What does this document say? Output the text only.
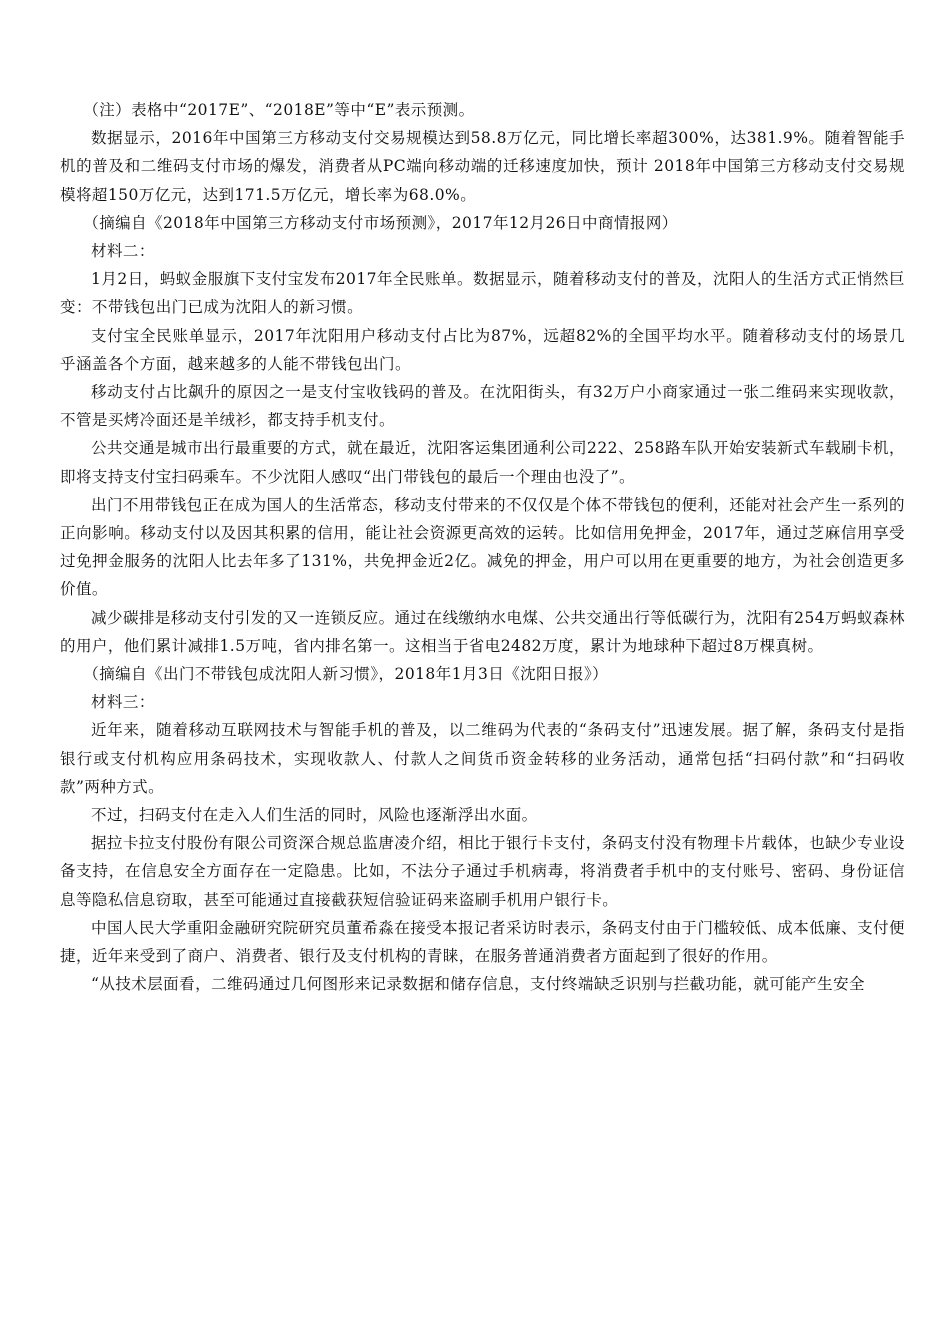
（注）表格中“2017E”、“2018E”等中“E”表示预测。

数据显示，2016年中国第三方移动支付交易规模达到58.8万亿元，同比增长率超300%，达381.9%。随着智能手机的普及和二维码支付市场的爆发，消费者从PC端向移动端的迁移速度加快，预计 2018年中国第三方移动支付交易规模将超150万亿元，达到171.5万亿元，增长率为68.0%。

（摘编自《2018年中国第三方移动支付市场预测》，2017年12月26日中商情报网）

材料二：

1月2日，蚂蚁金服旗下支付宝发布2017年全民账单。数据显示，随着移动支付的普及，沈阳人的生活方式正悄然巨变：不带钱包出门已成为沈阳人的新习惯。

支付宝全民账单显示，2017年沈阳用户移动支付占比为87%，远超82%的全国平均水平。随着移动支付的场景几乎涵盖各个方面，越来越多的人能不带钱包出门。

移动支付占比飙升的原因之一是支付宝收钱码的普及。在沈阳街头，有32万户小商家通过一张二维码来实现收款，不管是买烤冷面还是羊绒衫，都支持手机支付。

公共交通是城市出行最重要的方式，就在最近，沈阳客运集团通利公司222、258路车队开始安装新式车载刷卡机，即将支持支付宝扫码乘车。不少沈阳人感叹“出门带钱包的最后一个理由也没了”。

出门不用带钱包正在成为国人的生活常态，移动支付带来的不仅仅是个体不带钱包的便利，还能对社会产生一系列的正向影响。移动支付以及因其积累的信用，能让社会资源更高效的运转。比如信用免押金，2017年，通过芝麻信用享受过免押金服务的沈阳人比去年多了131%，共免押金近2亿。减免的押金，用户可以用在更重要的地方，为社会创造更多价值。

减少碳排是移动支付引发的又一连锁反应。通过在线缴纳水电煤、公共交通出行等低碳行为，沈阳有254万蚂蚁森林的用户，他们累计减排1.5万吨，省内排名第一。这相当于省电2482万度，累计为地球种下超过8万棵真树。

（摘编自《出门不带钱包成沈阳人新习惯》，2018年1月3日《沈阳日报》）

材料三：

近年来，随着移动互联网技术与智能手机的普及，以二维码为代表的“条码支付”迅速发展。据了解，条码支付是指银行或支付机构应用条码技术，实现收款人、付款人之间货币资金转移的业务活动，通常包括“扫码付款”和“扫码收款”两种方式。

不过，扫码支付在走入人们生活的同时，风险也逐渐浮出水面。

据拉卡拉支付股份有限公司资深合规总监唐凌介绍，相比于银行卡支付，条码支付没有物理卡片载体，也缺少专业设备支持，在信息安全方面存在一定隐患。比如，不法分子通过手机病毒，将消费者手机中的支付账号、密码、身份证信息等隐私信息窃取，甚至可能通过直接截获短信验证码来盗刷手机用户银行卡。

中国人民大学重阳金融研究院研究员董希淼在接受本报记者采访时表示，条码支付由于门槛较低、成本低廉、支付便捷，近年来受到了商户、消费者、银行及支付机构的青睐，在服务普通消费者方面起到了很好的作用。

“从技术层面看，二维码通过几何图形来记录数据和储存信息，支付终端缺乏识别与拦截功能，就可能产生安全
